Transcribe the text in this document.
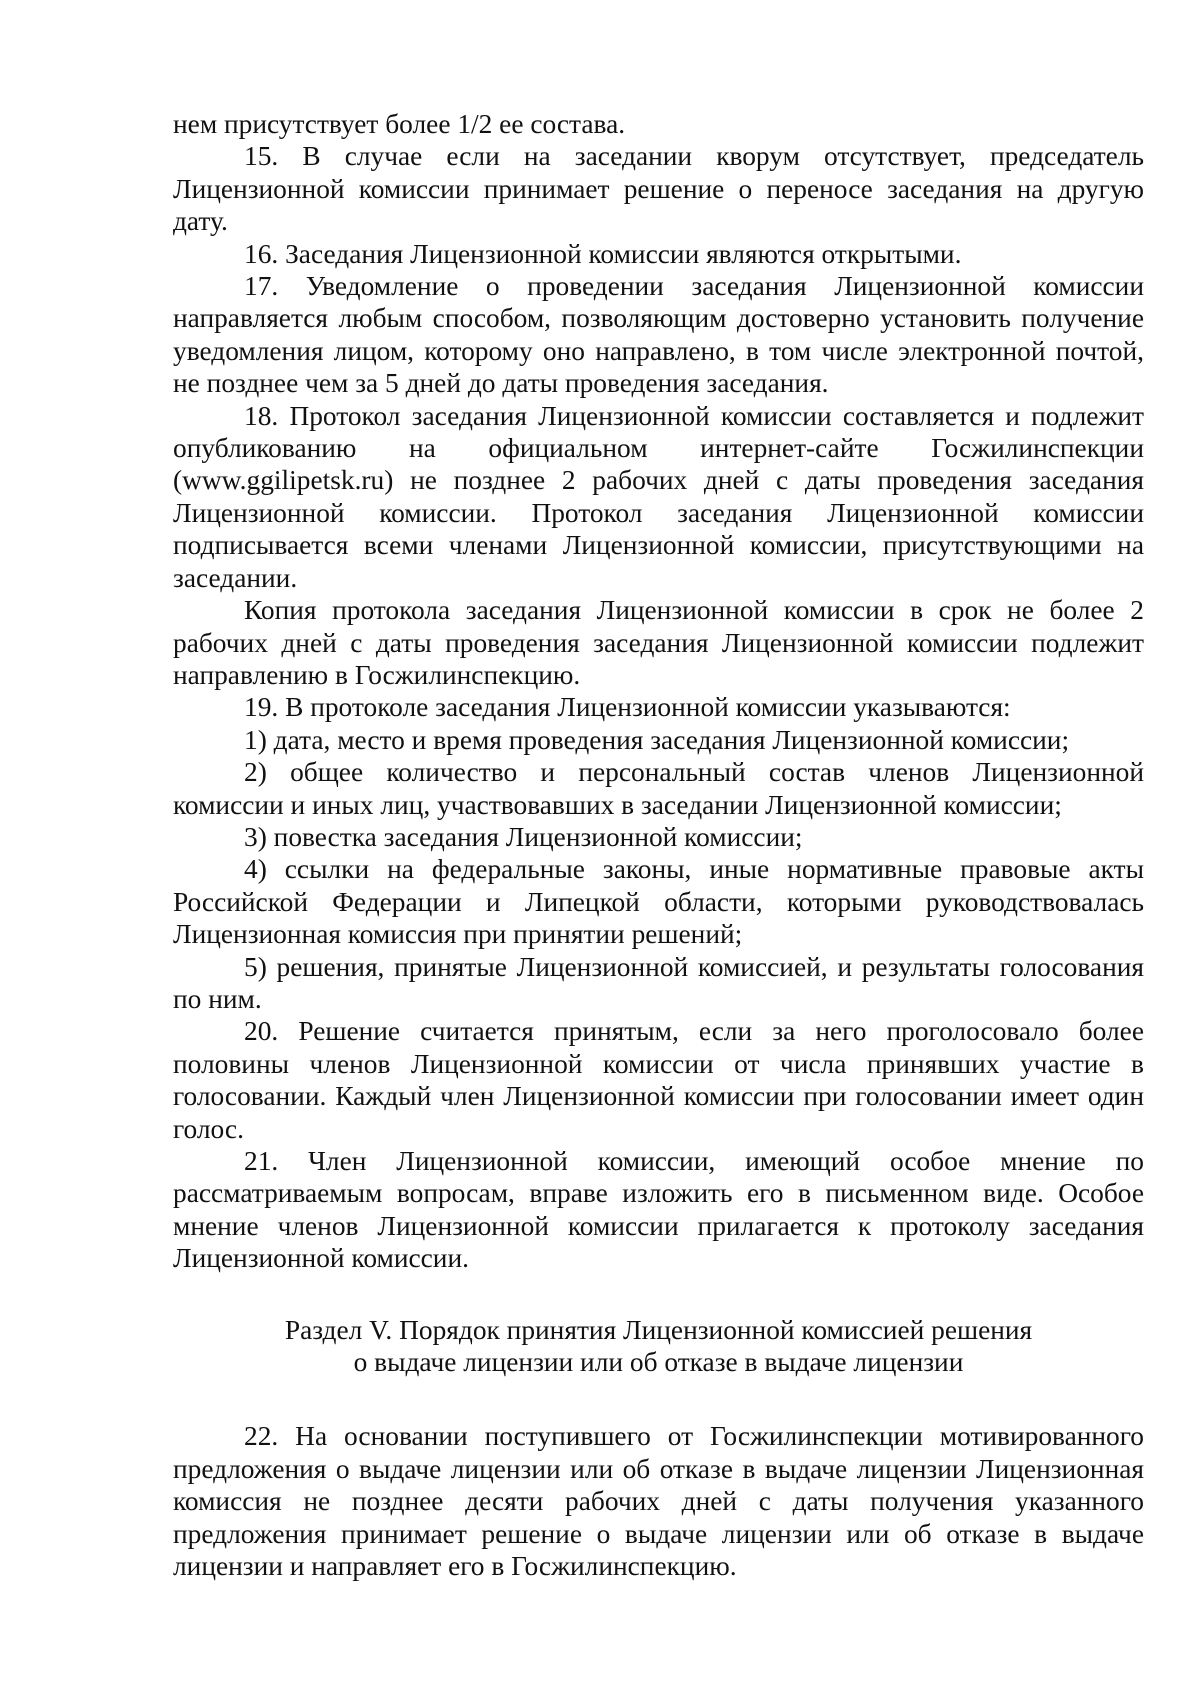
нем присутствует более 1/2 ее состава.

15. В случае если на заседании кворум отсутствует, председатель Лицензионной комиссии принимает решение о переносе заседания на другую дату.

16. Заседания Лицензионной комиссии являются открытыми.

17. Уведомление о проведении заседания Лицензионной комиссии направляется любым способом, позволяющим достоверно установить получение уведомления лицом, которому оно направлено, в том числе электронной почтой, не позднее чем за 5 дней до даты проведения заседания.

18. Протокол заседания Лицензионной комиссии составляется и подлежит опубликованию на официальном интернет-сайте Госжилинспекции (www.ggilipetsk.ru) не позднее 2 рабочих дней с даты проведения заседания Лицензионной комиссии. Протокол заседания Лицензионной комиссии подписывается всеми членами Лицензионной комиссии, присутствующими на заседании.

Копия протокола заседания Лицензионной комиссии в срок не более 2 рабочих дней с даты проведения заседания Лицензионной комиссии подлежит направлению в Госжилинспекцию.

19. В протоколе заседания Лицензионной комиссии указываются:

1) дата, место и время проведения заседания Лицензионной комиссии;

2) общее количество и персональный состав членов Лицензионной комиссии и иных лиц, участвовавших в заседании Лицензионной комиссии;

3) повестка заседания Лицензионной комиссии;

4) ссылки на федеральные законы, иные нормативные правовые акты Российской Федерации и Липецкой области, которыми руководствовалась Лицензионная комиссия при принятии решений;

5) решения, принятые Лицензионной комиссией, и результаты голосования по ним.

20. Решение считается принятым, если за него проголосовало более половины членов Лицензионной комиссии от числа принявших участие в голосовании. Каждый член Лицензионной комиссии при голосовании имеет один голос.

21. Член Лицензионной комиссии, имеющий особое мнение по рассматриваемым вопросам, вправе изложить его в письменном виде. Особое мнение членов Лицензионной комиссии прилагается к протоколу заседания Лицензионной комиссии.

Раздел V. Порядок принятия Лицензионной комиссией решения
о выдаче лицензии или об отказе в выдаче лицензии

22. На основании поступившего от Госжилинспекции мотивированного предложения о выдаче лицензии или об отказе в выдаче лицензии Лицензионная комиссия не позднее десяти рабочих дней с даты получения указанного предложения принимает решение о выдаче лицензии или об отказе в выдаче лицензии и направляет его в Госжилинспекцию.
